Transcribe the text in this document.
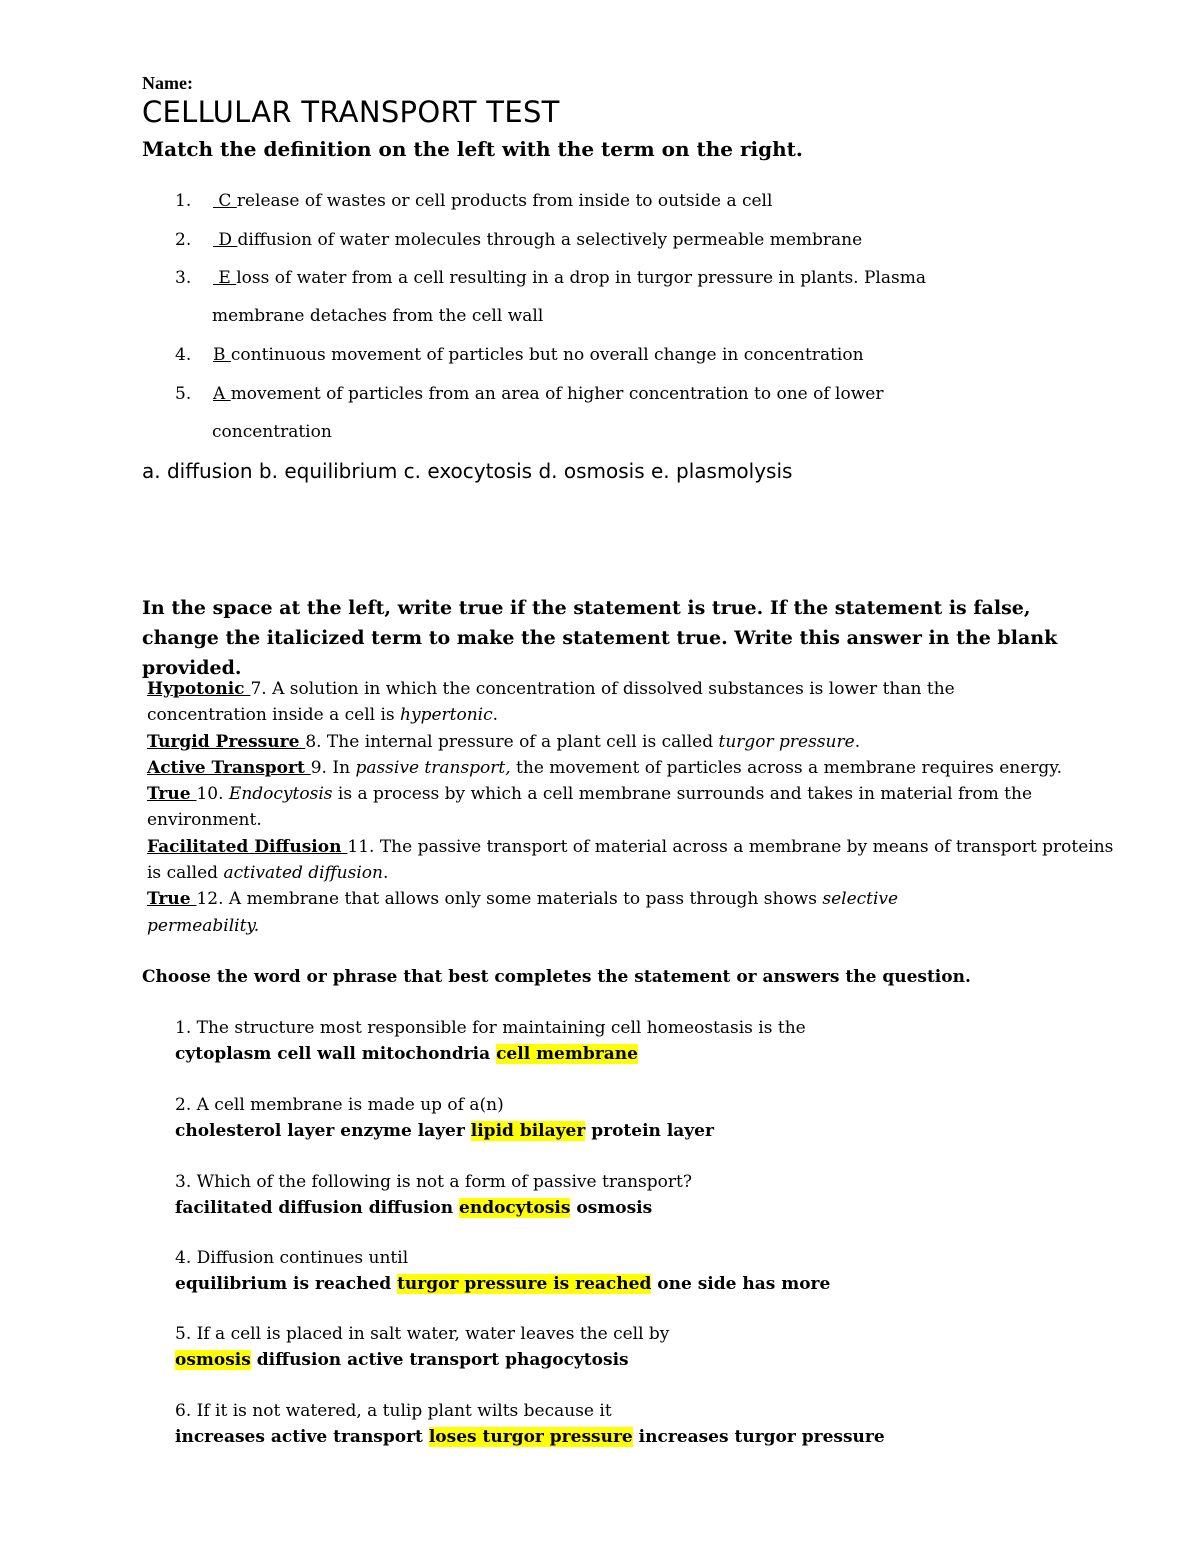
Name:
CELLULAR TRANSPORT TEST
Match the definition on the left with the term on the right.
1. C release of wastes or cell products from inside to outside a cell
2. D diffusion of water molecules through a selectively permeable membrane
3. E loss of water from a cell resulting in a drop in turgor pressure in plants. Plasma
membrane detaches from the cell wall
4. B continuous movement of particles but no overall change in concentration
5. A movement of particles from an area of higher concentration to one of lower
concentration
a. diffusion b. equilibrium c. exocytosis d. osmosis e. plasmolysis
In the space at the left, write true if the statement is true. If the statement is false, change the italicized term to make the statement true. Write this answer in the blank provided.
Hypotonic 7. A solution in which the concentration of dissolved substances is lower than the
concentration inside a cell is hypertonic.
Turgid Pressure 8. The internal pressure of a plant cell is called turgor pressure.
Active Transport 9. In passive transport, the movement of particles across a membrane requires energy.
True 10. Endocytosis is a process by which a cell membrane surrounds and takes in material from the
environment.
Facilitated Diffusion 11. The passive transport of material across a membrane by means of transport proteins
is called activated diffusion.
True 12. A membrane that allows only some materials to pass through shows selective
permeability.
Choose the word or phrase that best completes the statement or answers the question.
1. The structure most responsible for maintaining cell homeostasis is the
cytoplasm cell wall mitochondria cell membrane
2. A cell membrane is made up of a(n)
cholesterol layer enzyme layer lipid bilayer protein layer
3. Which of the following is not a form of passive transport?
facilitated diffusion diffusion endocytosis osmosis
4. Diffusion continues until
equilibrium is reached turgor pressure is reached one side has more
5. If a cell is placed in salt water, water leaves the cell by
osmosis diffusion active transport phagocytosis
6. If it is not watered, a tulip plant wilts because it
increases active transport loses turgor pressure increases turgor pressure
